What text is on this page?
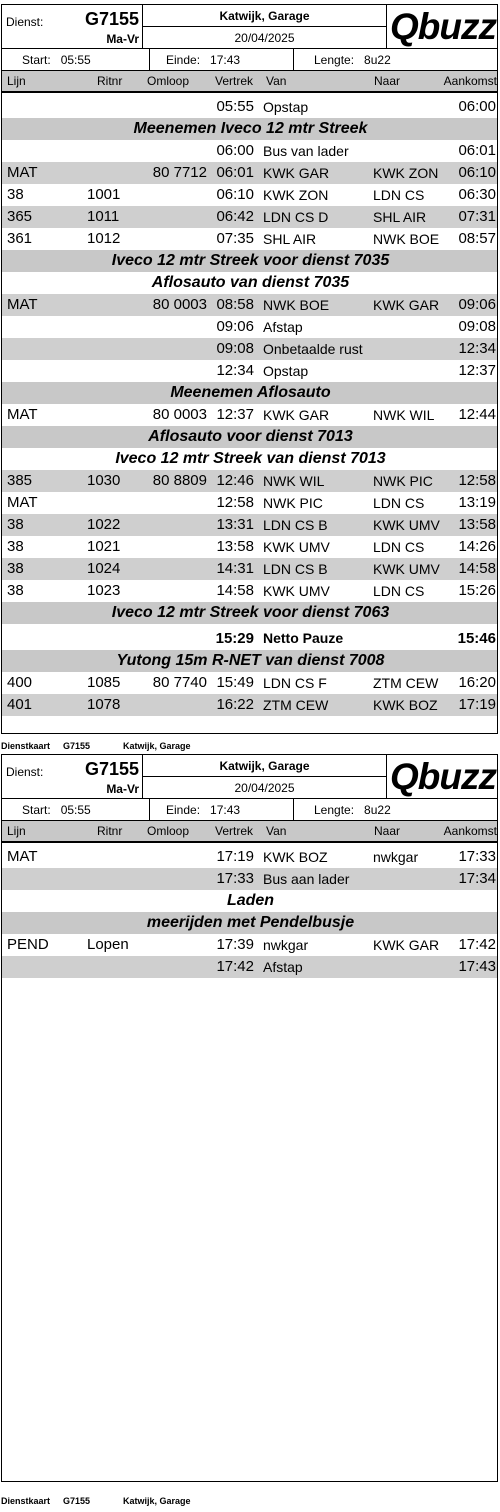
Dienst: G7155
Ma-Vr
Katwijk, Garage
20/04/2025	Qbuzz
Start: 05:55	Einde: 17:43	Lengte: 8u22
Lijn	Ritnr Omloop Vertrek Van	Naar	Aankomst
05:55 Opstap	06:00
Meenemen Iveco 12 mtr Streek
06:00 Bus van lader	06:01
MAT	80 7712 06:01 KWK GAR	KWK ZON 06:10
38	1001	06:10 KWK ZON	LDN CS 06:30
365	1011	06:42 LDN CS D	SHL AIR 07:31
361	1012	07:35 SHL AIR	NWK BOE 08:57
Iveco 12 mtr Streek voor dienst 7035
Aflosauto van dienst 7035
MAT	80 0003 08:58 NWK BOE	KWK GAR 09:06
09:06 Afstap	09:08
09:08 Onbetaalde rust	12:34
12:34 Opstap	12:37
Meenemen Aflosauto
MAT	80 0003 12:37 KWK GAR	NWK WIL 12:44
Aflosauto voor dienst 7013
Iveco 12 mtr Streek van dienst 7013
385	1030 80 8809 12:46 NWK WIL	NWK PIC 12:58
MAT	12:58 NWK PIC	LDN CS 13:19
38	1022	13:31 LDN CS B	KWK UMV 13:58
38	1021	13:58 KWK UMV	LDN CS 14:26
38	1024	14:31 LDN CS B	KWK UMV 14:58
38	1023	14:58 KWK UMV	LDN CS 15:26
Iveco 12 mtr Streek voor dienst 7063
15:29 Netto Pauze	15:46
Yutong 15m R-NET van dienst 7008
400	1085 80 7740 15:49 LDN CS F	ZTM CEW 16:20
401	1078	16:22 ZTM CEW	KWK BOZ 17:19
Dienstkaart G7155	Katwijk, Garage
Dienst: G7155
Ma-Vr
Katwijk, Garage
20/04/2025	Qbuzz
Start: 05:55	Einde: 17:43	Lengte: 8u22
Lijn	Ritnr Omloop Vertrek Van	Naar	Aankomst
MAT	17:19 KWK BOZ	nwkgar	17:33
17:33 Bus aan lader	17:34
Laden
meerijden met Pendelbusje
PEND	Lopen	17:39 nwkgar	KWK GAR 17:42
17:42 Afstap	17:43
Dienstkaart G7155	Katwijk, Garage
